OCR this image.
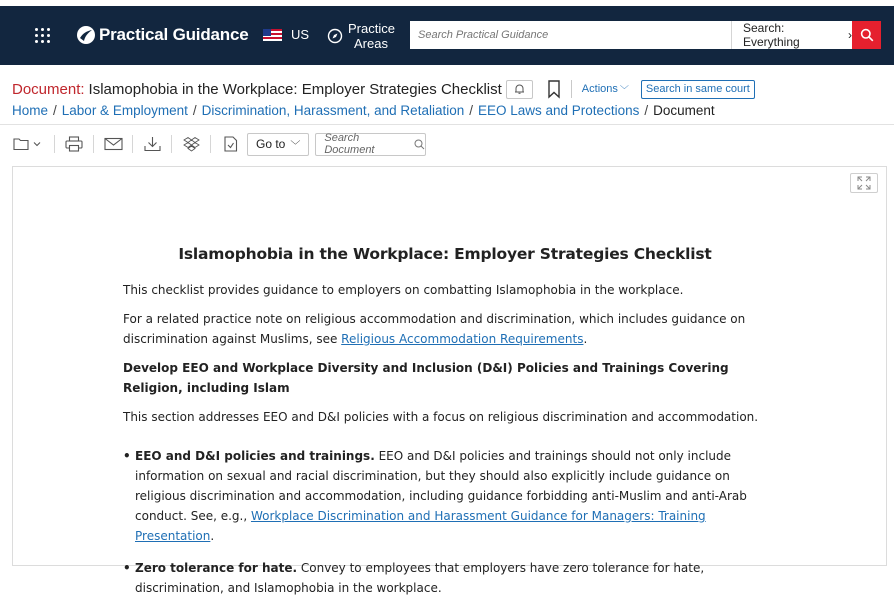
Practical Guidance	US	Practice Areas
Search Practical Guidance
Search: Everything	›
Document: Islamophobia in the Workplace: Employer Strategies Checklist	Actions ﹀	Search in same court
Home / Labor & Employment / Discrimination, Harassment, and Retaliation / EEO Laws and Protections / Document
Go to ﹀
Search Document
Islamophobia in the Workplace: Employer Strategies Checklist

This checklist provides guidance to employers on combatting Islamophobia in the workplace.

For a related practice note on religious accommodation and discrimination, which includes guidance on discrimination against Muslims, see Religious Accommodation Requirements.

Develop EEO and Workplace Diversity and Inclusion (D&I) Policies and Trainings Covering Religion, including Islam

This section addresses EEO and D&I policies with a focus on religious discrimination and accommodation.

• EEO and D&I policies and trainings. EEO and D&I policies and trainings should not only include information on sexual and racial discrimination, but they should also explicitly include guidance on religious discrimination and accommodation, including guidance forbidding anti-Muslim and anti-Arab conduct. See, e.g., Workplace Discrimination and Harassment Guidance for Managers: Training Presentation.
• Zero tolerance for hate. Convey to employees that employers have zero tolerance for hate, discrimination, and Islamophobia in the workplace.
